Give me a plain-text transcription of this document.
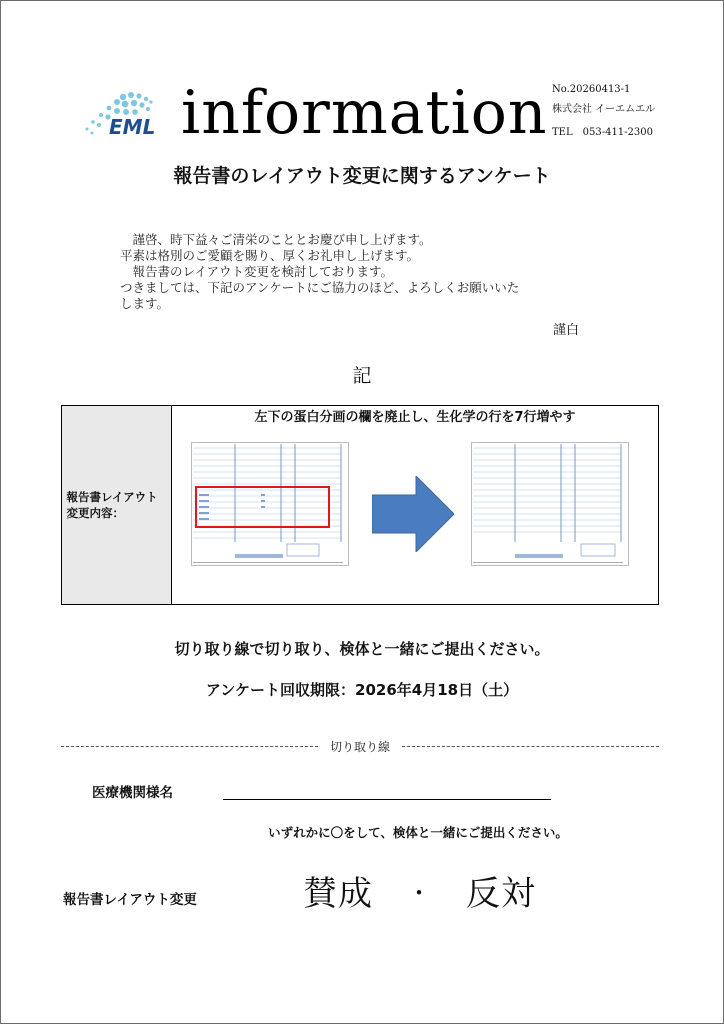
EML information No.20260413-1
株式会社 イーエムエル
TEL　053-411-2300
報告書のレイアウト変更に関するアンケート
　謹啓、時下益々ご清栄のこととお慶び申し上げます。
平素は格別のご愛顧を賜り、厚くお礼申し上げます。
　報告書のレイアウト変更を検討しております。
つきましては、下記のアンケートにご協力のほど、よろしくお願いいた
します。
謹白
記
報告書レイアウト変更内容：
左下の蛋白分画の欄を廃止し、生化学の行を7行増やす
切り取り線で切り取り、検体と一緒にご提出ください。
アンケート回収期限：2026年4月18日（土）
切り取り線
医療機関様名
いずれかに〇をして、検体と一緒にご提出ください。
報告書レイアウト変更	賛成 ・ 反対
